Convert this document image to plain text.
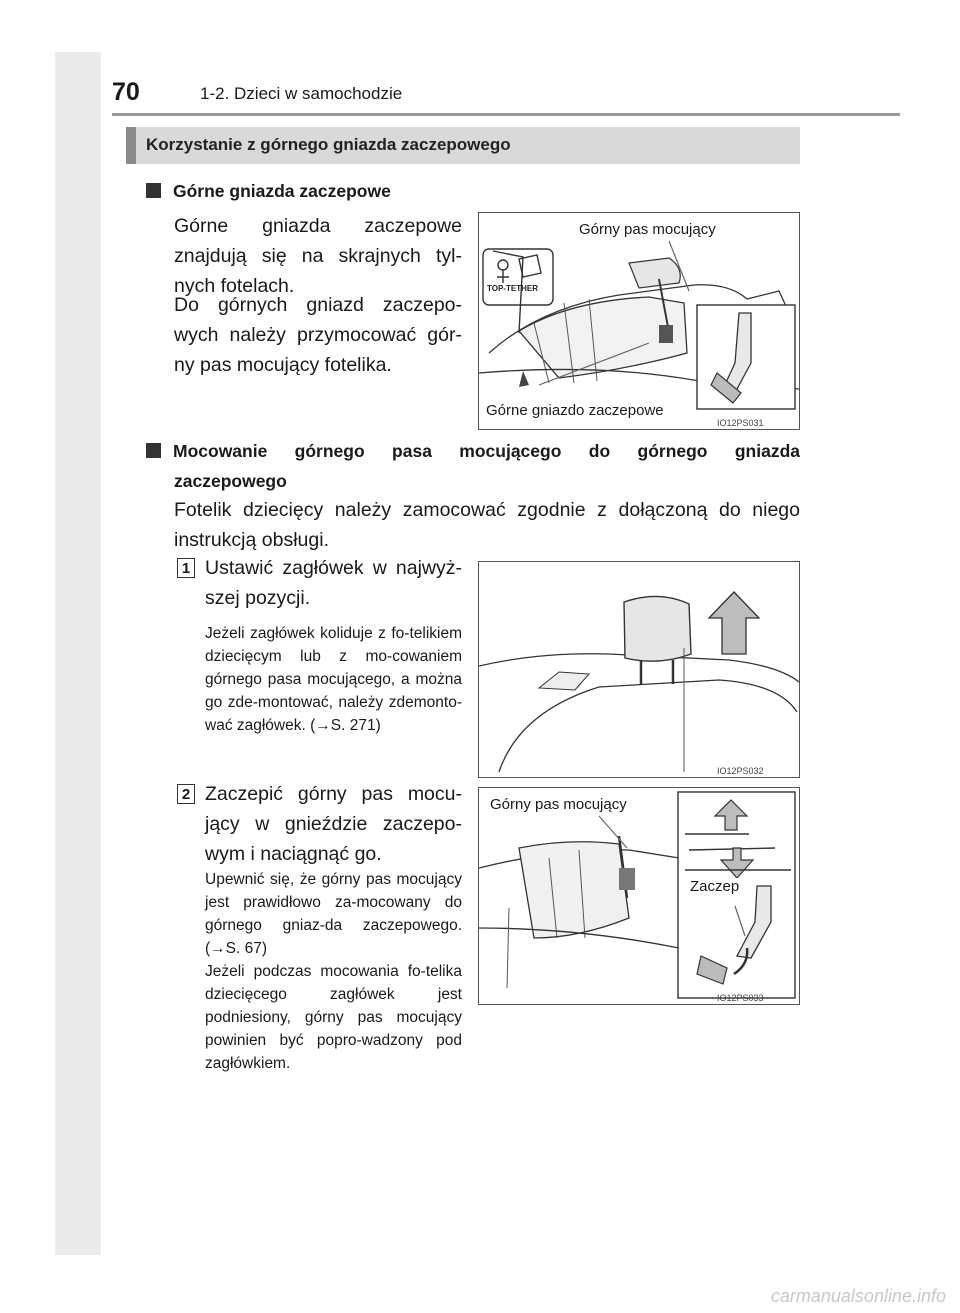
70	1-2. Dzieci w samochodzie
Korzystanie z górnego gniazda zaczepowego
Górne gniazda zaczepowe
Górne gniazda zaczepowe znajdują się na skrajnych tyl-nych fotelach.
Do górnych gniazd zaczepo-wych należy przymocować gór-ny pas mocujący fotelika.
TOP-TETHER
Górny pas mocujący
Górne gniazdo zaczepowe
IO12PS031
Mocowanie górnego pasa mocującego do górnego gniazda
zaczepowego
Fotelik dziecięcy należy zamocować zgodnie z dołączoną do niego instrukcją obsługi.
1 Ustawić zagłówek w najwyż-szej pozycji.
Jeżeli zagłówek koliduje z fo-telikiem dziecięcym lub z mo-cowaniem górnego pasa mocującego, a można go zde-montować, należy zdemonto-wać zagłówek. (→S. 271)
IO12PS032
2 Zaczepić górny pas mocu-jący w gnieździe zaczepo-wym i naciągnąć go.
Upewnić się, że górny pas mocujący jest prawidłowo za-mocowany do górnego gniaz-da zaczepowego. (→S. 67)
Jeżeli podczas mocowania fo-telika dziecięcego zagłówek jest podniesiony, górny pas mocujący powinien być popro-wadzony pod zagłówkiem.
Górny pas mocujący
Zaczep
IO12PS033
carmanualsonline.info
